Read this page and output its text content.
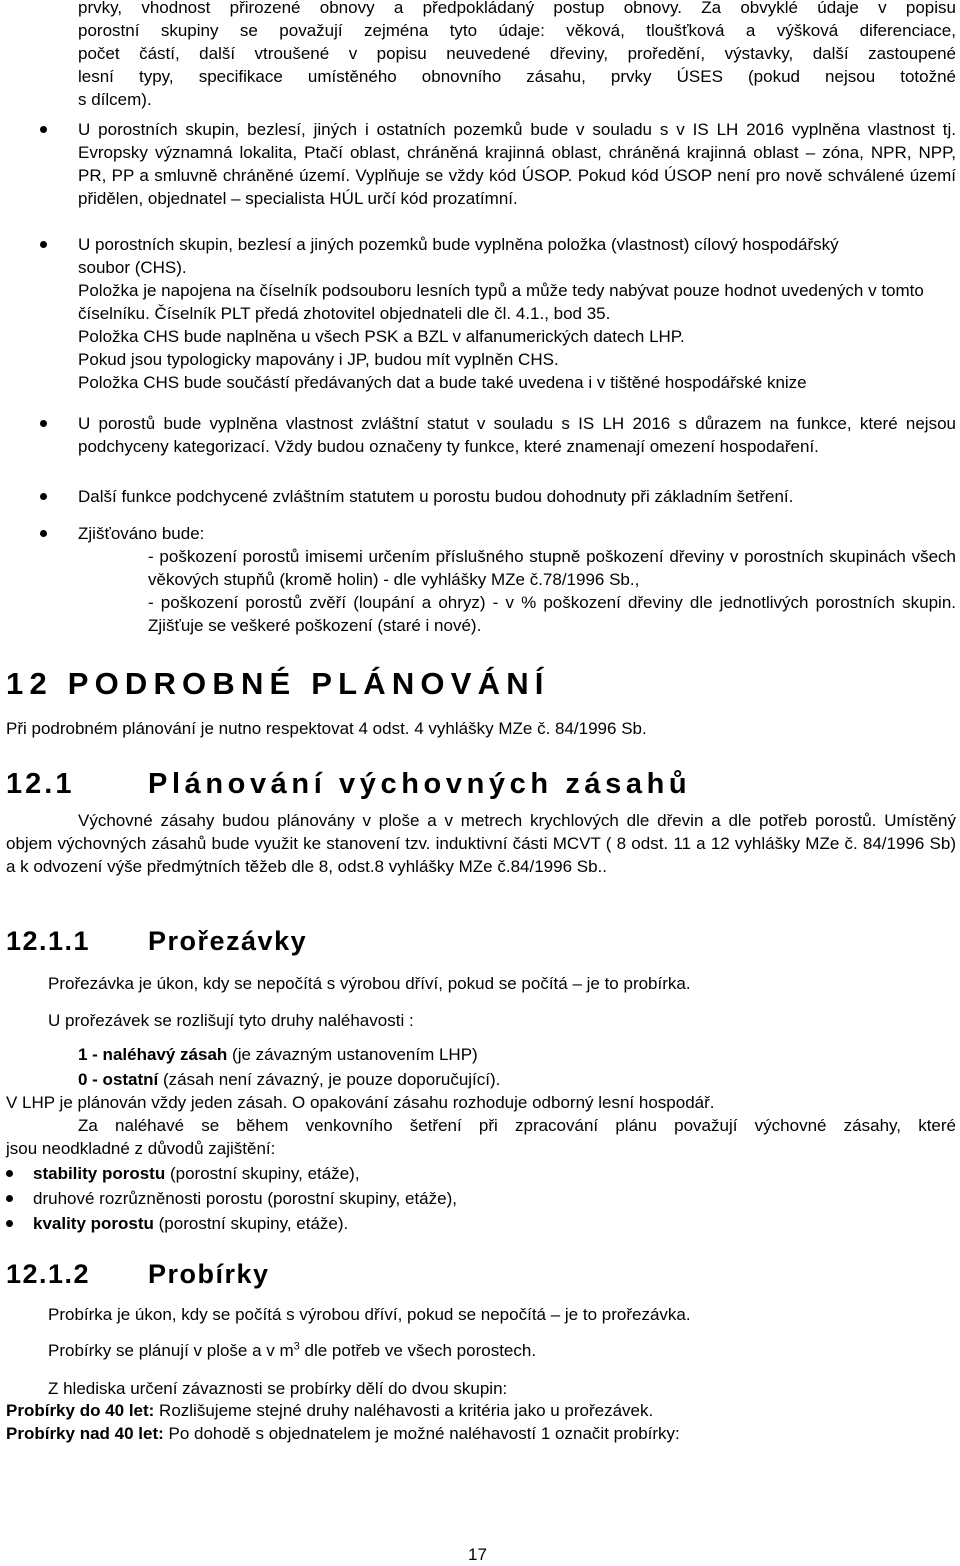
prvky, vhodnost přirozené obnovy a předpokládaný postup obnovy. Za obvyklé údaje v popisu
porostní skupiny se považují zejména tyto údaje: věková, tloušťková a výšková diferenciace,
počet částí, další vtroušené v popisu neuvedené dřeviny, proředění, výstavky, další zastoupené
lesní typy, specifikace umístěného obnovního zásahu, prvky ÚSES (pokud nejsou totožné
s dílcem).

U porostních skupin, bezlesí, jiných i ostatních pozemků bude v souladu s v IS LH 2016 vyplněna vlastnost tj. Evropsky významná lokalita, Ptačí oblast, chráněná krajinná oblast, chráněná krajinná oblast – zóna, NPR, NPP, PR, PP a smluvně chráněné území. Vyplňuje se vždy kód ÚSOP. Pokud kód ÚSOP není pro nově schválené území přidělen, objednatel – specialista HÚL určí kód prozatímní.

U porostních skupin, bezlesí a jiných pozemků bude vyplněna položka (vlastnost) cílový hospodářský soubor (CHS).

Položka je napojena na číselník podsouboru lesních typů a může tedy nabývat pouze hodnot uvedených v tomto číselníku. Číselník PLT předá zhotovitel objednateli dle čl. 4.1., bod 35.

Položka CHS bude naplněna u všech PSK a BZL v alfanumerických datech LHP.

Pokud jsou typologicky mapovány i JP, budou mít vyplněn CHS.

Položka CHS bude součástí předávaných dat a bude také uvedena i v tištěné hospodářské knize

U porostů bude vyplněna vlastnost zvláštní statut v souladu s IS LH 2016 s důrazem na funkce, které nejsou podchyceny kategorizací. Vždy budou označeny ty funkce, které znamenají omezení hospodaření.

Další funkce podchycené zvláštním statutem u porostu budou dohodnuty při základním šetření.

Zjišťováno bude:

- poškození porostů imisemi určením příslušného stupně poškození dřeviny v porostních skupinách všech věkových stupňů (kromě holin) - dle vyhlášky MZe č.78/1996 Sb.,

- poškození porostů zvěří (loupání a ohryz) - v % poškození dřeviny dle jednotlivých porostních skupin. Zjišťuje se veškeré poškození (staré i nové).

12 PODROBNÉ PLÁNOVÁNÍ

Při podrobném plánování je nutno respektovat 4 odst. 4 vyhlášky MZe č. 84/1996 Sb.

12.1	Plánování výchovných zásahů

Výchovné zásahy budou plánovány v ploše a v metrech krychlových dle dřevin a dle potřeb porostů. Umístěný objem výchovných zásahů bude využit ke stanovení tzv. induktivní části MCVT ( 8 odst. 11 a 12 vyhlášky MZe č. 84/1996 Sb) a k odvození výše předmýtních těžeb dle 8, odst.8 vyhlášky MZe č.84/1996 Sb..

12.1.1 Prořezávky

Prořezávka je úkon, kdy se nepočítá s výrobou dříví, pokud se počítá – je to probírka.

U prořezávek se rozlišují tyto druhy naléhavosti :

1 - naléhavý zásah (je závazným ustanovením LHP)

0 - ostatní (zásah není závazný, je pouze doporučující).

V LHP je plánován vždy jeden zásah. O opakování zásahu rozhoduje odborný lesní hospodář.

Za naléhavé se během venkovního šetření při zpracování plánu považují výchovné zásahy, které

jsou neodkladné z důvodů zajištění:

stability porostu (porostní skupiny, etáže),

druhové rozrůzněnosti porostu (porostní skupiny, etáže),

kvality porostu (porostní skupiny, etáže).

12.1.2 Probírky

Probírka je úkon, kdy se počítá s výrobou dříví, pokud se nepočítá – je to prořezávka.

Probírky se plánují v ploše a v $m^3$ dle potřeb ve všech porostech.

Z hlediska určení závaznosti se probírky dělí do dvou skupin:

Probírky do 40 let: Rozlišujeme stejné druhy naléhavosti a kritéria jako u prořezávek.

Probírky nad 40 let: Po dohodě s objednatelem je možné naléhavostí 1 označit probírky:

17
